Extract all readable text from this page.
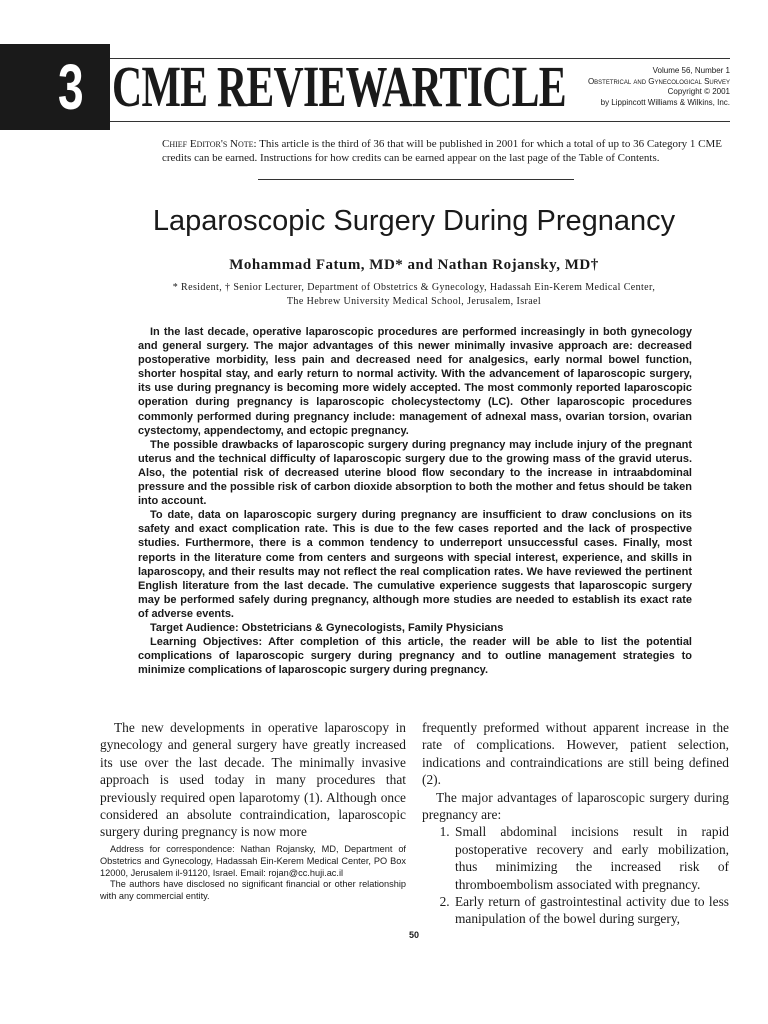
3 CME REVIEWARTICLE	Volume 56, Number 1
Obstetrical and Gynecological Survey
Copyright © 2001
by Lippincott Williams & Wilkins, Inc.
Chief Editor's Note: This article is the third of 36 that will be published in 2001 for which a total of up to 36 Category 1 CME credits can be earned. Instructions for how credits can be earned appear on the last page of the Table of Contents.
Laparoscopic Surgery During Pregnancy
Mohammad Fatum, MD* and Nathan Rojansky, MD†
* Resident, † Senior Lecturer, Department of Obstetrics & Gynecology, Hadassah Ein-Kerem Medical Center,
The Hebrew University Medical School, Jerusalem, Israel

In the last decade, operative laparoscopic procedures are performed increasingly in both gynecology and general surgery. The major advantages of this newer minimally invasive approach are: decreased postoperative morbidity, less pain and decreased need for analgesics, early normal bowel function, shorter hospital stay, and early return to normal activity. With the advancement of laparoscopic surgery, its use during pregnancy is becoming more widely accepted. The most commonly reported laparoscopic operation during pregnancy is laparoscopic cholecystectomy (LC). Other laparoscopic procedures commonly performed during pregnancy include: management of adnexal mass, ovarian torsion, ovarian cystectomy, appendectomy, and ectopic pregnancy.

The possible drawbacks of laparoscopic surgery during pregnancy may include injury of the pregnant uterus and the technical difficulty of laparoscopic surgery due to the growing mass of the gravid uterus. Also, the potential risk of decreased uterine blood flow secondary to the increase in intraabdominal pressure and the possible risk of carbon dioxide absorption to both the mother and fetus should be taken into account.

To date, data on laparoscopic surgery during pregnancy are insufficient to draw conclusions on its safety and exact complication rate. This is due to the few cases reported and the lack of prospective studies. Furthermore, there is a common tendency to underreport unsuccessful cases. Finally, most reports in the literature come from centers and surgeons with special interest, experience, and skills in laparoscopy, and their results may not reflect the real complication rates. We have reviewed the pertinent English literature from the last decade. The cumulative experience suggests that laparoscopic surgery may be performed safely during pregnancy, although more studies are needed to establish its exact rate of adverse events.

Target Audience: Obstetricians & Gynecologists, Family Physicians

Learning Objectives: After completion of this article, the reader will be able to list the potential complications of laparoscopic surgery during pregnancy and to outline management strategies to minimize complications of laparoscopic surgery during pregnancy.

The new developments in operative laparoscopy in gynecology and general surgery have greatly increased its use over the last decade. The minimally invasive approach is used today in many procedures that previously required open laparotomy (1). Although once considered an absolute contraindication, laparoscopic surgery during pregnancy is now more

frequently preformed without apparent increase in the rate of complications. However, patient selection, indications and contraindications are still being defined (2).

The major advantages of laparoscopic surgery during pregnancy are:

1. Small abdominal incisions result in rapid postoperative recovery and early mobilization, thus minimizing the increased risk of thromboembolism associated with pregnancy.
2. Early return of gastrointestinal activity due to less manipulation of the bowel during surgery,

Address for correspondence: Nathan Rojansky, MD, Department of Obstetrics and Gynecology, Hadassah Ein-Kerem Medical Center, PO Box 12000, Jerusalem il-91120, Israel. Email: rojan@cc.huji.ac.il

The authors have disclosed no significant financial or other relationship with any commercial entity.

50
